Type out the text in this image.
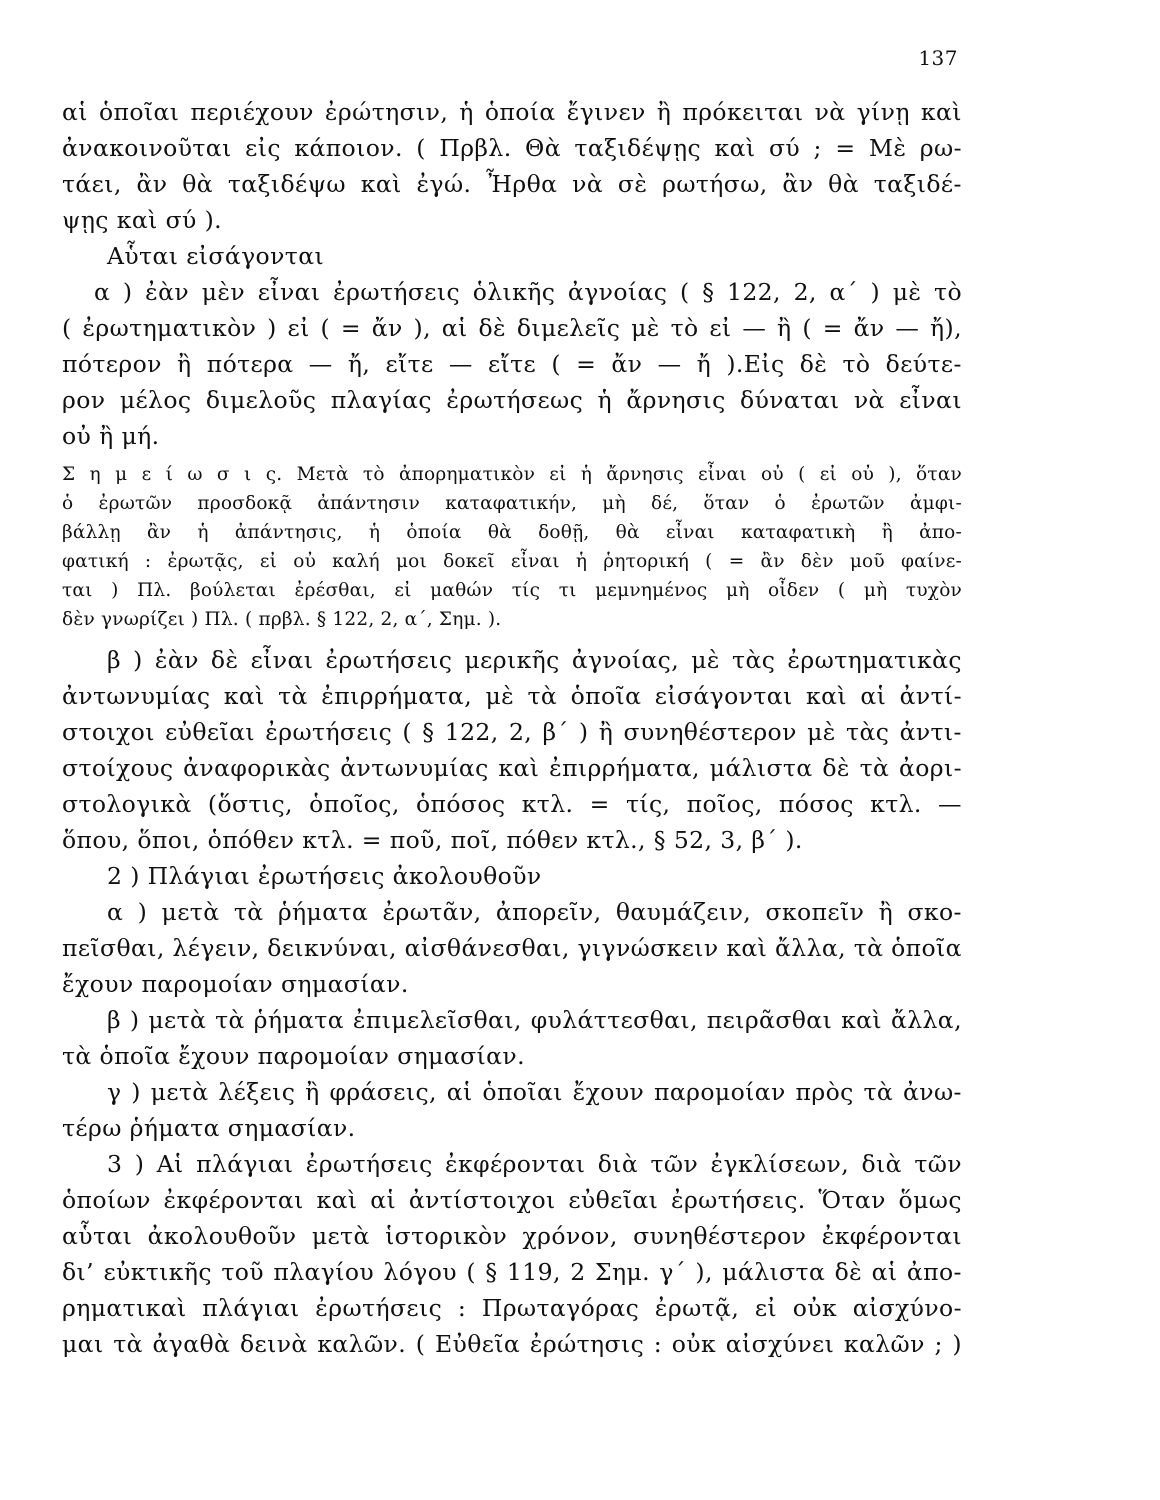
137
αἱ ὁποῖαι περιέχουν ἐρώτησιν, ἡ ὁποία ἔγινεν ἢ πρόκειται νὰ γίνῃ καὶ
ἀνακοινοῦται εἰς κάποιον. ( Πρβλ. Θὰ ταξιδέψῃς καὶ σύ ; = Μὲ ρω-
τάει, ἂν θὰ ταξιδέψω καὶ ἐγώ. Ἦρθα νὰ σὲ ρωτήσω, ἂν θὰ ταξιδέ-
ψῃς καὶ σύ ).
Αὗται εἰσάγονται
α ) ἐὰν μὲν εἶναι ἐρωτήσεις ὁλικῆς ἀγνοίας ( § 122, 2, α΄ ) μὲ τὸ
( ἐρωτηματικὸν ) εἰ ( = ἄν ), αἱ δὲ διμελεῖς μὲ τὸ εἰ — ἢ ( = ἄν — ἤ),
πότερον ἢ πότερα — ἤ, εἴτε — εἴτε ( = ἄν — ἤ ).Εἰς δὲ τὸ δεύτε-
ρον μέλος διμελοῦς πλαγίας ἐρωτήσεως ἡ ἄρνησις δύναται νὰ εἶναι
οὐ ἢ μή.
Σ η μ ε ί ω σ ι ς. Μετὰ τὸ ἀπορηματικὸν εἰ ἡ ἄρνησις εἶναι οὐ ( εἰ οὐ ), ὅταν
ὁ ἐρωτῶν προσδοκᾷ ἀπάντησιν καταφατικήν, μὴ δέ, ὅταν ὁ ἐρωτῶν ἀμφι-
βάλλῃ ἂν ἡ ἀπάντησις, ἡ ὁποία θὰ δοθῇ, θὰ εἶναι καταφατικὴ ἢ ἀπο-
φατική : ἐρωτᾷς, εἰ οὐ καλή μοι δοκεῖ εἶναι ἡ ῥητορική ( = ἂν δὲν μοῦ φαίνε-
ται ) Πλ. βούλεται ἐρέσθαι, εἰ μαθών τίς τι μεμνημένος μὴ οἶδεν ( μὴ τυχὸν
δὲν γνωρίζει ) Πλ. ( πρβλ. § 122, 2, α΄, Σημ. ).
β ) ἐὰν δὲ εἶναι ἐρωτήσεις μερικῆς ἀγνοίας, μὲ τὰς ἐρωτηματικὰς
ἀντωνυμίας καὶ τὰ ἐπιρρήματα, μὲ τὰ ὁποῖα εἰσάγονται καὶ αἱ ἀντί-
στοιχοι εὐθεῖαι ἐρωτήσεις ( § 122, 2, β΄ ) ἢ συνηθέστερον μὲ τὰς ἀντι-
στοίχους ἀναφορικὰς ἀντωνυμίας καὶ ἐπιρρήματα, μάλιστα δὲ τὰ ἀορι-
στολογικὰ (ὅστις, ὁποῖος, ὁπόσος κτλ. = τίς, ποῖος, πόσος κτλ. —
ὅπου, ὅποι, ὁπόθεν κτλ. = ποῦ, ποῖ, πόθεν κτλ., § 52, 3, β΄ ).
2 ) Πλάγιαι ἐρωτήσεις ἀκολουθοῦν
α ) μετὰ τὰ ῥήματα ἐρωτᾶν, ἀπορεῖν, θαυμάζειν, σκοπεῖν ἢ σκο-
πεῖσθαι, λέγειν, δεικνύναι, αἰσθάνεσθαι, γιγνώσκειν καὶ ἄλλα, τὰ ὁποῖα
ἔχουν παρομοίαν σημασίαν.
β ) μετὰ τὰ ῥήματα ἐπιμελεῖσθαι, φυλάττεσθαι, πειρᾶσθαι καὶ ἄλλα,
τὰ ὁποῖα ἔχουν παρομοίαν σημασίαν.
γ ) μετὰ λέξεις ἢ φράσεις, αἱ ὁποῖαι ἔχουν παρομοίαν πρὸς τὰ ἀνω-
τέρω ῥήματα σημασίαν.
3 ) Αἱ πλάγιαι ἐρωτήσεις ἐκφέρονται διὰ τῶν ἐγκλίσεων, διὰ τῶν
ὁποίων ἐκφέρονται καὶ αἱ ἀντίστοιχοι εὐθεῖαι ἐρωτήσεις. Ὅταν ὅμως
αὗται ἀκολουθοῦν μετὰ ἱστορικὸν χρόνον, συνηθέστερον ἐκφέρονται
δι’ εὐκτικῆς τοῦ πλαγίου λόγου ( § 119, 2 Σημ. γ΄ ), μάλιστα δὲ αἱ ἀπο-
ρηματικαὶ πλάγιαι ἐρωτήσεις : Πρωταγόρας ἐρωτᾷ, εἰ οὐκ αἰσχύνο-
μαι τὰ ἀγαθὰ δεινὰ καλῶν. ( Εὐθεῖα ἐρώτησις : οὐκ αἰσχύνει καλῶν ; )
